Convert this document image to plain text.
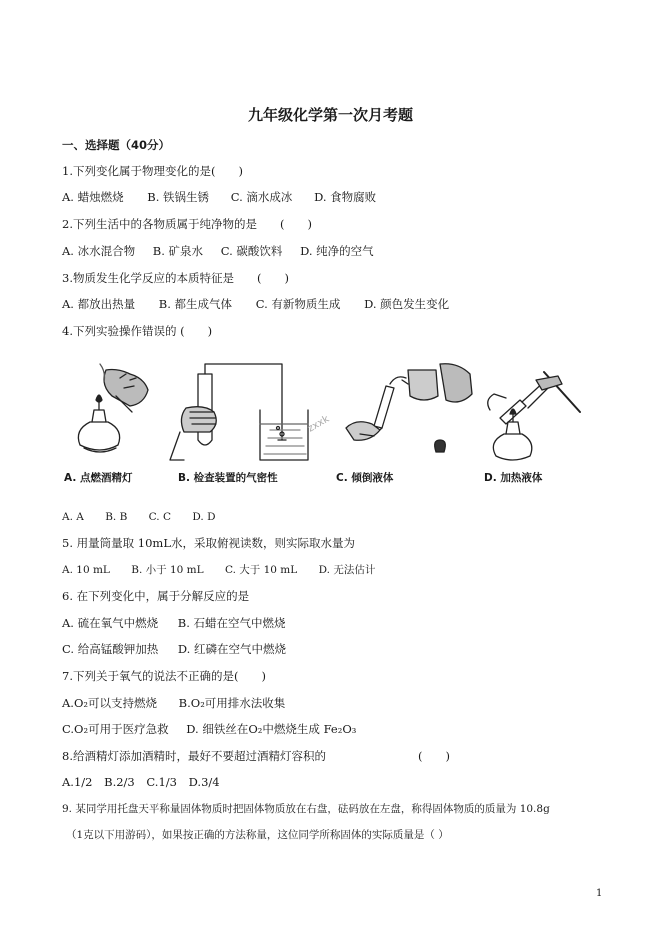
九年级化学第一次月考题
一、选择题（40分）
1.下列变化属于物理变化的是(　　)
A. 蜡烛燃烧 B. 铁锅生锈 C. 滴水成冰 D. 食物腐败
2.下列生活中的各物质属于纯净物的是　　(　　)
A. 冰水混合物 B. 矿泉水 C. 碳酸饮料 D. 纯净的空气
3.物质发生化学反应的本质特征是　　(　　)
A. 都放出热量 B. 都生成气体 C. 有新物质生成 D. 颜色发生变化
4.下列实验操作错误的 (　　)
zxxk
A. 点燃酒精灯	B. 检查装置的气密性	C. 倾倒液体	D. 加热液体
A. A B. B C. C D. D
5. 用量筒量取 10mL水，采取俯视读数，则实际取水量为
A. 10 mL B. 小于 10 mL C. 大于 10 mL D. 无法估计
6. 在下列变化中，属于分解反应的是
A. 硫在氧气中燃烧 B. 石蜡在空气中燃烧
C. 给高锰酸钾加热 D. 红磷在空气中燃烧
7.下列关于氧气的说法不正确的是(　　)
A.O₂可以支持燃烧 B.O₂可用排水法收集
C.O₂可用于医疗急救 D. 细铁丝在O₂中燃烧生成 Fe₂O₃
8.给酒精灯添加酒精时，最好不要超过酒精灯容积的	(　　)
A.1/2 B.2/3 C.1/3 D.3/4
9. 某同学用托盘天平称量固体物质时把固体物质放在右盘，砝码放在左盘，称得固体物质的质量为 10.8g
（1克以下用游码），如果按正确的方法称量，这位同学所称固体的实际质量是（ ）
1
